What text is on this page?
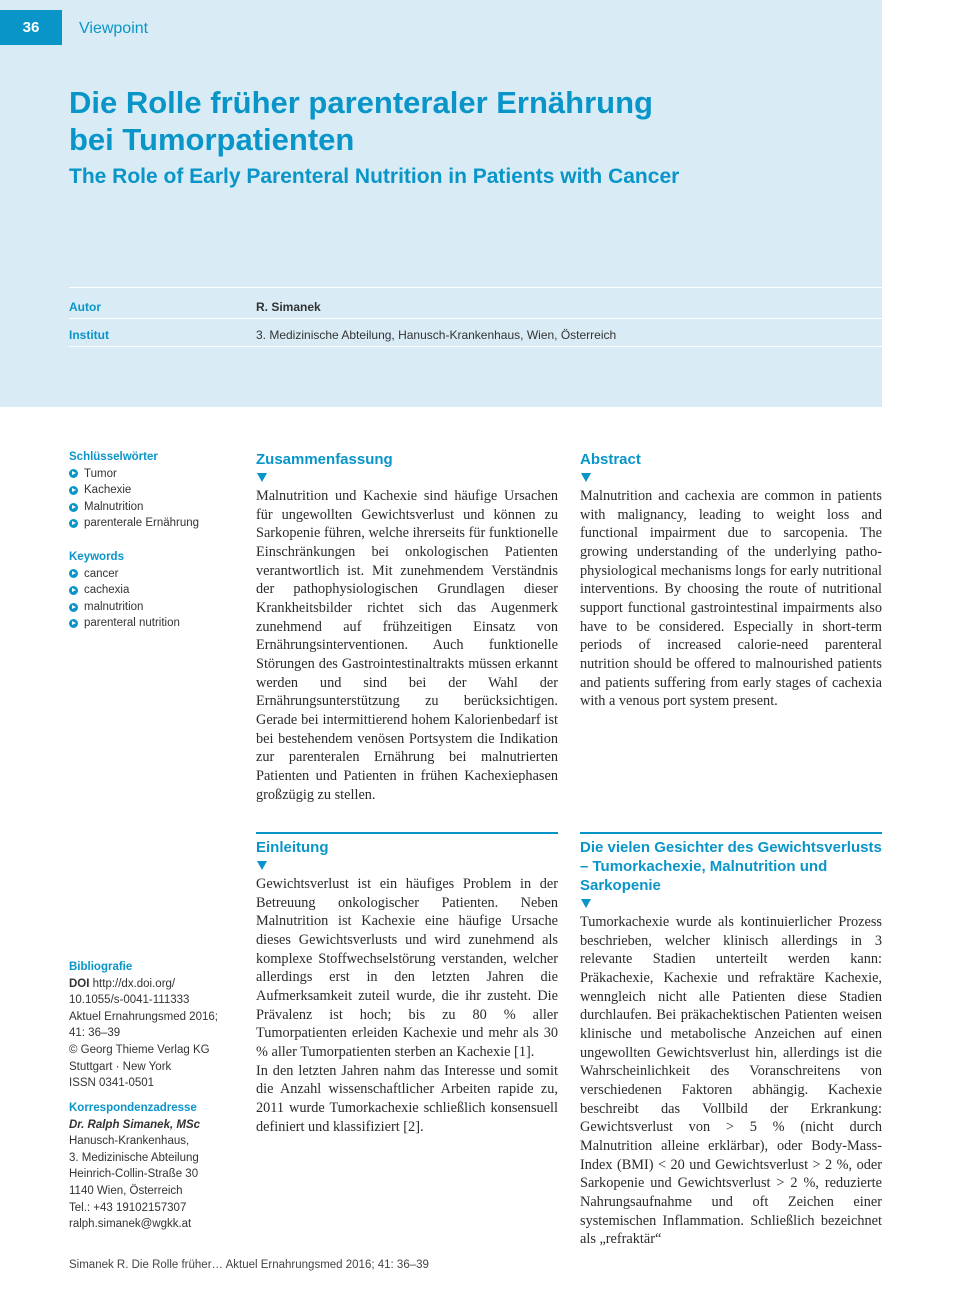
36	Viewpoint
Die Rolle früher parenteraler Ernährung
bei Tumorpatienten
The Role of Early Parenteral Nutrition in Patients with Cancer
Autor	R. Simanek
Institut	3. Medizinische Abteilung, Hanusch-Krankenhaus, Wien, Österreich
Schlüsselwörter
Tumor
Kachexie
Malnutrition
parenterale Ernährung
Keywords
cancer
cachexia
malnutrition
parenteral nutrition
Zusammenfassung

Malnutrition und Kachexie sind häufige Ursachen für ungewollten Gewichtsverlust und können zu Sarkopenie führen, welche ihrerseits für funktionelle Einschränkungen bei onkologischen Patienten verantwortlich ist. Mit zunehmendem Verständnis der pathophysiologischen Grundlagen dieser Krankheitsbilder richtet sich das Augenmerk zunehmend auf frühzeitigen Einsatz von Ernährungsinterventionen. Auch funktionelle Störungen des Gastrointestinaltrakts müssen erkannt werden und sind bei der Wahl der Ernährungsunterstützung zu berücksichtigen. Gerade bei intermittierend hohem Kalorienbedarf ist bei bestehendem venösen Portsystem die Indikation zur parenteralen Ernährung bei malnutrierten Patienten und Patienten in frühen Kachexiephasen großzügig zu stellen.

Abstract

Malnutrition and cachexia are common in patients with malignancy, leading to weight loss and functional impairment due to sarcopenia. The growing understanding of the underlying patho-physiological mechanisms longs for early nutritional interventions. By choosing the route of nutritional support functional gastrointestinal impairments also have to be considered. Especially in short-term periods of increased calorie-need parenteral nutrition should be offered to malnourished patients and patients suffering from early stages of cachexia with a venous port system present.

Einleitung

Gewichtsverlust ist ein häufiges Problem in der Betreuung onkologischer Patienten. Neben Malnutrition ist Kachexie eine häufige Ursache dieses Gewichtsverlusts und wird zunehmend als komplexe Stoffwechselstörung verstanden, welcher allerdings erst in den letzten Jahren die Aufmerksamkeit zuteil wurde, die ihr zusteht. Die Prävalenz ist hoch; bis zu 80 % aller Tumorpatienten erleiden Kachexie und mehr als 30 % aller Tumorpatienten sterben an Kachexie [1].

In den letzten Jahren nahm das Interesse und somit die Anzahl wissenschaftlicher Arbeiten rapide zu, 2011 wurde Tumorkachexie schließlich konsensuell definiert und klassifiziert [2].

Die vielen Gesichter des Gewichtsverlusts – Tumorkachexie, Malnutrition und Sarkopenie

Tumorkachexie wurde als kontinuierlicher Prozess beschrieben, welcher klinisch allerdings in 3 relevante Stadien unterteilt werden kann: Präkachexie, Kachexie und refraktäre Kachexie, wenngleich nicht alle Patienten diese Stadien durchlaufen. Bei präkachektischen Patienten weisen klinische und metabolische Anzeichen auf einen ungewollten Gewichtsverlust hin, allerdings ist die Wahrscheinlichkeit des Voranschreitens von verschiedenen Faktoren abhängig. Kachexie beschreibt das Vollbild der Erkrankung: Gewichtsverlust von > 5 % (nicht durch Malnutrition alleine erklärbar), oder Body-Mass-Index (BMI) < 20 und Gewichtsverlust > 2 %, oder Sarkopenie und Gewichtsverlust > 2 %, reduzierte Nahrungsaufnahme und oft Zeichen einer systemischen Inflammation. Schließlich bezeichnet als „refraktär“

Bibliografie
DOI http://dx.doi.org/
10.1055/s-0041-111333
Aktuel Ernahrungsmed 2016;
41: 36–39
© Georg Thieme Verlag KG
Stuttgart · New York
ISSN 0341-0501
Korrespondenzadresse
Dr. Ralph Simanek, MSc
Hanusch-Krankenhaus,
3. Medizinische Abteilung
Heinrich-Collin-Straße 30
1140 Wien, Österreich
Tel.: +43 19102157307
ralph.simanek@wgkk.at
Simanek R. Die Rolle früher… Aktuel Ernahrungsmed 2016; 41: 36–39
